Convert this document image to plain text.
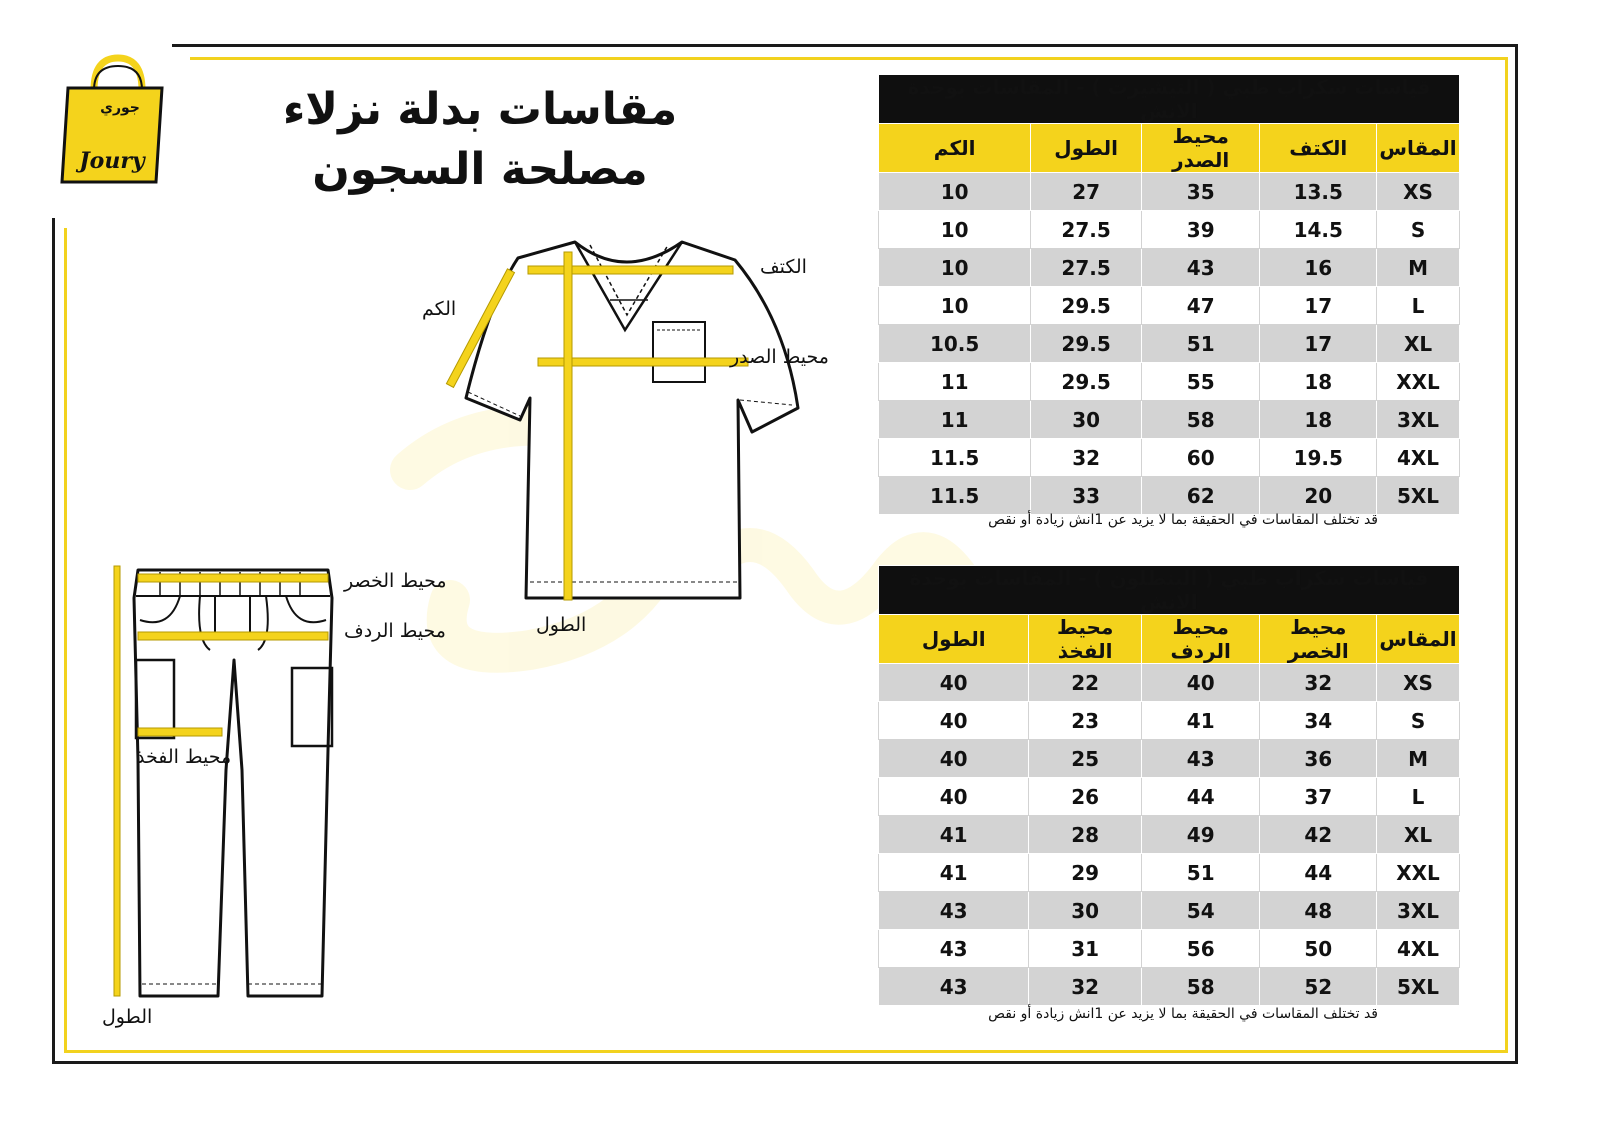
جوري
Joury
مقاسات بدلة نزلاء
مصلحة السجون
قياسات سكراب طبي ( التيشيرت ) - المقاسات بوحدة الانش				
المقاس	الكتف	محيط الصدر	الطول	الكم
XS	13.5	35	27	10
S	14.5	39	27.5	10
M	16	43	27.5	10
L	17	47	29.5	10
XL	17	51	29.5	10.5
XXL	18	55	29.5	11
3XL	18	58	30	11
4XL	19.5	60	32	11.5
5XL	20	62	33	11.5
قد تختلف المقاسات في الحقيقة بما لا يزيد عن 1انش زيادة أو نقص
قياسات سكراب طبي ( البنطلون ) - المقاسات بوحدة الانش				
المقاس	محيط الخصر	محيط الردف	محيط الفخذ	الطول
XS	32	40	22	40
S	34	41	23	40
M	36	43	25	40
L	37	44	26	40
XL	42	49	28	41
XXL	44	51	29	41
3XL	48	54	30	43
4XL	50	56	31	43
5XL	52	58	32	43
قد تختلف المقاسات في الحقيقة بما لا يزيد عن 1انش زيادة أو نقص
الكتف
الكم
محيط الصدر
الطول
محيط الخصر
محيط الردف
محيط الفخذ
الطول
